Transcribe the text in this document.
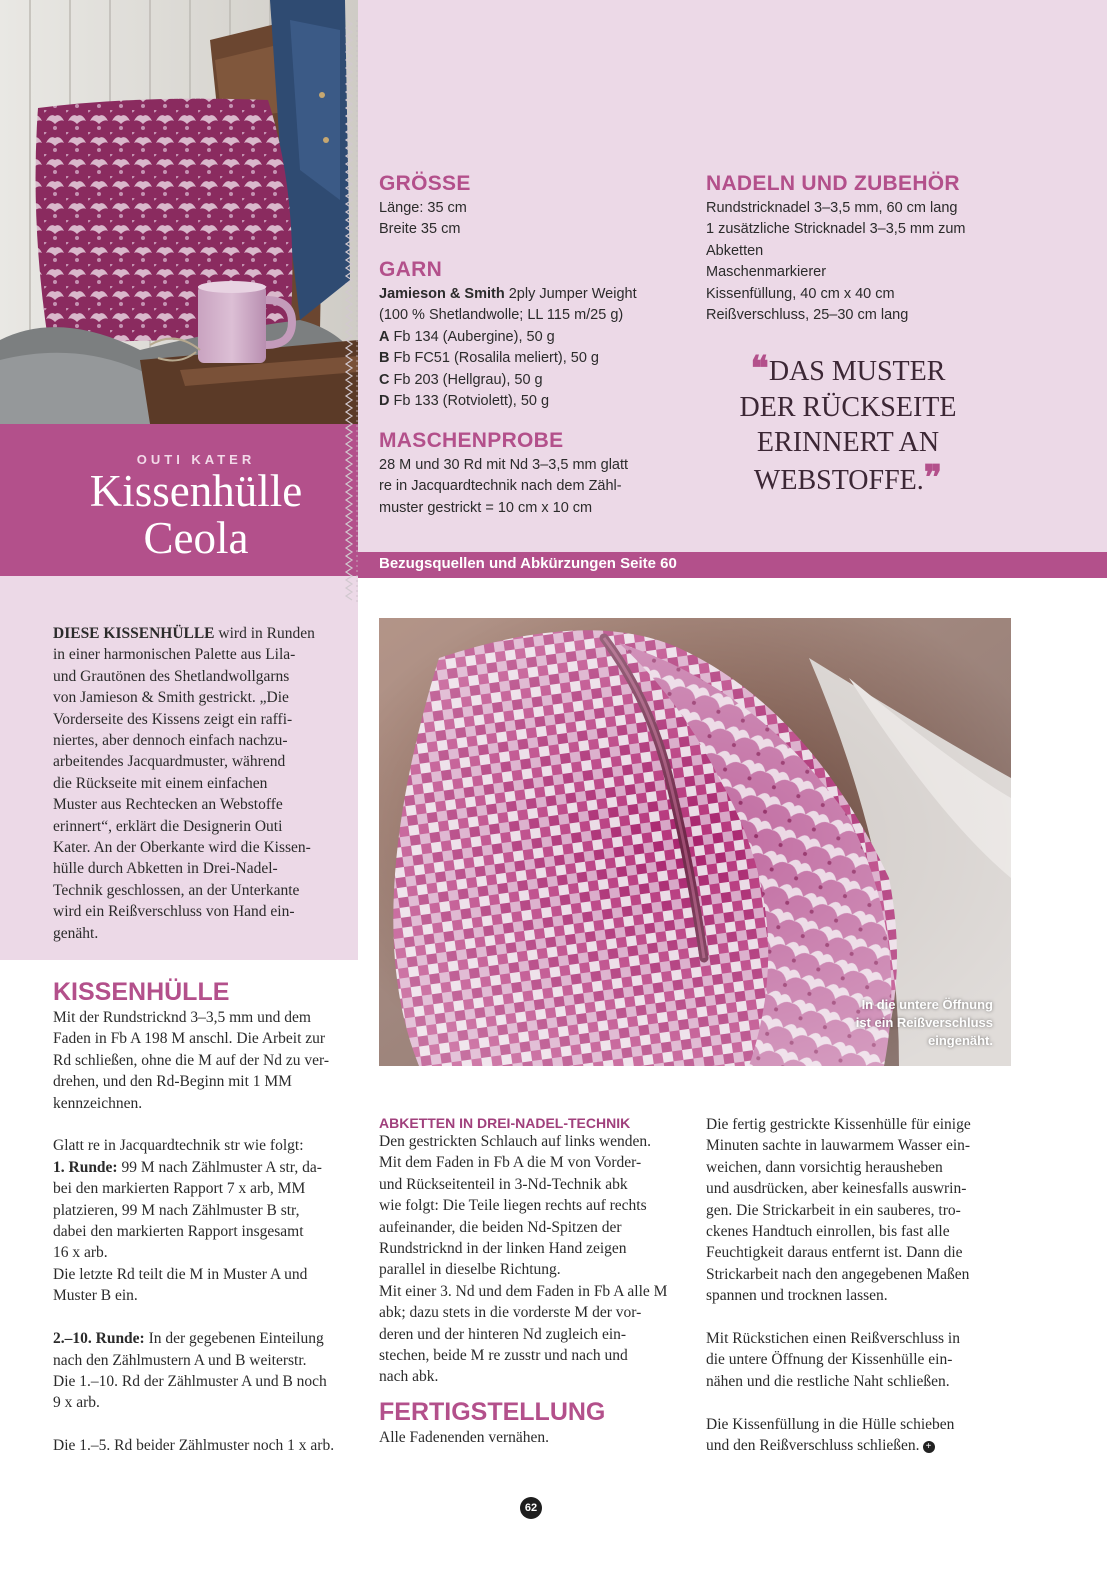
OUTI KATER
Kissenhülle
Ceola
GRÖSSE
Länge: 35 cm
Breite 35 cm
GARN
Jamieson & Smith 2ply Jumper Weight
(100 % Shetlandwolle; LL 115 m/25 g)
A Fb 134 (Aubergine), 50 g
B Fb FC51 (Rosalila meliert), 50 g
C Fb 203 (Hellgrau), 50 g
D Fb 133 (Rotviolett), 50 g
MASCHENPROBE
28 M und 30 Rd mit Nd 3–3,5 mm glatt
re in Jacquardtechnik nach dem Zähl-
muster gestrickt = 10 cm x 10 cm
NADELN UND ZUBEHÖR
Rundstricknadel 3–3,5 mm, 60 cm lang
1 zusätzliche Stricknadel 3–3,5 mm zum
Abketten
Maschenmarkierer
Kissenfüllung, 40 cm x 40 cm
Reißverschluss, 25–30 cm lang
❝DAS MUSTER
DER RÜCKSEITE
ERINNERT AN
WEBSTOFFE.❞
Bezugsquellen und Abkürzungen Seite 60
DIESE KISSENHÜLLE wird in Runden
in einer harmonischen Palette aus Lila-
und Grautönen des Shetlandwollgarns
von Jamieson & Smith gestrickt. „Die
Vorderseite des Kissens zeigt ein raffi-
niertes, aber dennoch einfach nachzu-
arbeitendes Jacquardmuster, während
die Rückseite mit einem einfachen
Muster aus Rechtecken an Webstoffe
erinnert“, erklärt die Designerin Outi
Kater. An der Oberkante wird die Kissen-
hülle durch Abketten in Drei-Nadel-
Technik geschlossen, an der Unterkante
wird ein Reißverschluss von Hand ein-
genäht.
In die untere Öffnung
ist ein Reißverschluss
eingenäht.
KISSENHÜLLE
Mit der Rundstricknd 3–3,5 mm und dem
Faden in Fb A 198 M anschl. Die Arbeit zur
Rd schließen, ohne die M auf der Nd zu ver-
drehen, und den Rd-Beginn mit 1 MM
kennzeichnen.

Glatt re in Jacquardtechnik str wie folgt:
1. Runde: 99 M nach Zählmuster A str, da-
bei den markierten Rapport 7 x arb, MM
platzieren, 99 M nach Zählmuster B str,
dabei den markierten Rapport insgesamt
16 x arb.
Die letzte Rd teilt die M in Muster A und
Muster B ein.

2.–10. Runde: In der gegebenen Einteilung
nach den Zählmustern A und B weiterstr.
Die 1.–10. Rd der Zählmuster A und B noch
9 x arb.

Die 1.–5. Rd beider Zählmuster noch 1 x arb.
ABKETTEN IN DREI-NADEL-TECHNIK
Den gestrickten Schlauch auf links wenden.
Mit dem Faden in Fb A die M von Vorder-
und Rückseitenteil in 3-Nd-Technik abk
wie folgt: Die Teile liegen rechts auf rechts
aufeinander, die beiden Nd-Spitzen der
Rundstricknd in der linken Hand zeigen
parallel in dieselbe Richtung.
Mit einer 3. Nd und dem Faden in Fb A alle M
abk; dazu stets in die vorderste M der vor-
deren und der hinteren Nd zugleich ein-
stechen, beide M re zusstr und nach und
nach abk.
FERTIGSTELLUNG
Alle Fadenenden vernähen.
Die fertig gestrickte Kissenhülle für einige
Minuten sachte in lauwarmem Wasser ein-
weichen, dann vorsichtig herausheben
und ausdrücken, aber keinesfalls auswrin-
gen. Die Strickarbeit in ein sauberes, tro-
ckenes Handtuch einrollen, bis fast alle
Feuchtigkeit daraus entfernt ist. Dann die
Strickarbeit nach den angegebenen Maßen
spannen und trocknen lassen.

Mit Rückstichen einen Reißverschluss in
die untere Öffnung der Kissenhülle ein-
nähen und die restliche Naht schließen.

Die Kissenfüllung in die Hülle schieben
und den Reißverschluss schließen. +
62
